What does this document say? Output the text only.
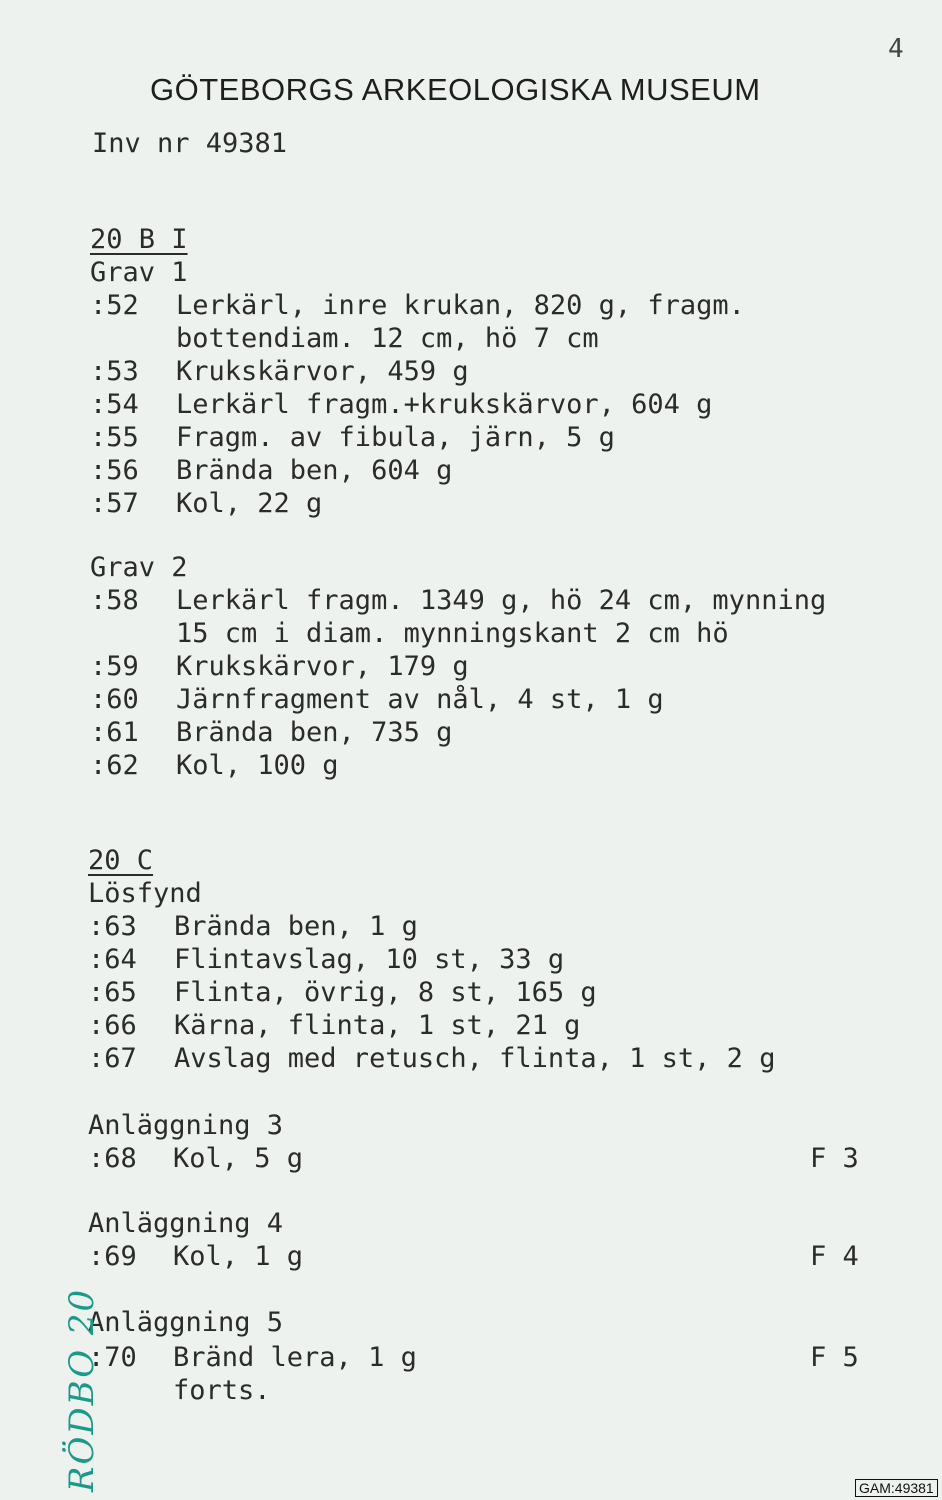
4
GÖTEBORGS ARKEOLOGISKA MUSEUM
Inv nr 49381
20 B I
Grav 1
:52 Lerkärl, inre krukan, 820 g, fragm.
bottendiam. 12 cm, hö 7 cm
:53 Krukskärvor, 459 g
:54 Lerkärl fragm.+krukskärvor, 604 g
:55 Fragm. av fibula, järn, 5 g
:56 Brända ben, 604 g
:57 Kol, 22 g
Grav 2
:58 Lerkärl fragm. 1349 g, hö 24 cm, mynning
15 cm i diam. mynningskant 2 cm hö
:59 Krukskärvor, 179 g
:60 Järnfragment av nål, 4 st, 1 g
:61 Brända ben, 735 g
:62 Kol, 100 g
20 C
Lösfynd
:63 Brända ben, 1 g
:64 Flintavslag, 10 st, 33 g
:65 Flinta, övrig, 8 st, 165 g
:66 Kärna, flinta, 1 st, 21 g
:67 Avslag med retusch, flinta, 1 st, 2 g
Anläggning 3
:68 Kol, 5 g	F 3
Anläggning 4
:69 Kol, 1 g	F 4
Anläggning 5
:70 Bränd lera, 1 g	F 5
forts.
RÖDBO 20	GAM:49381
